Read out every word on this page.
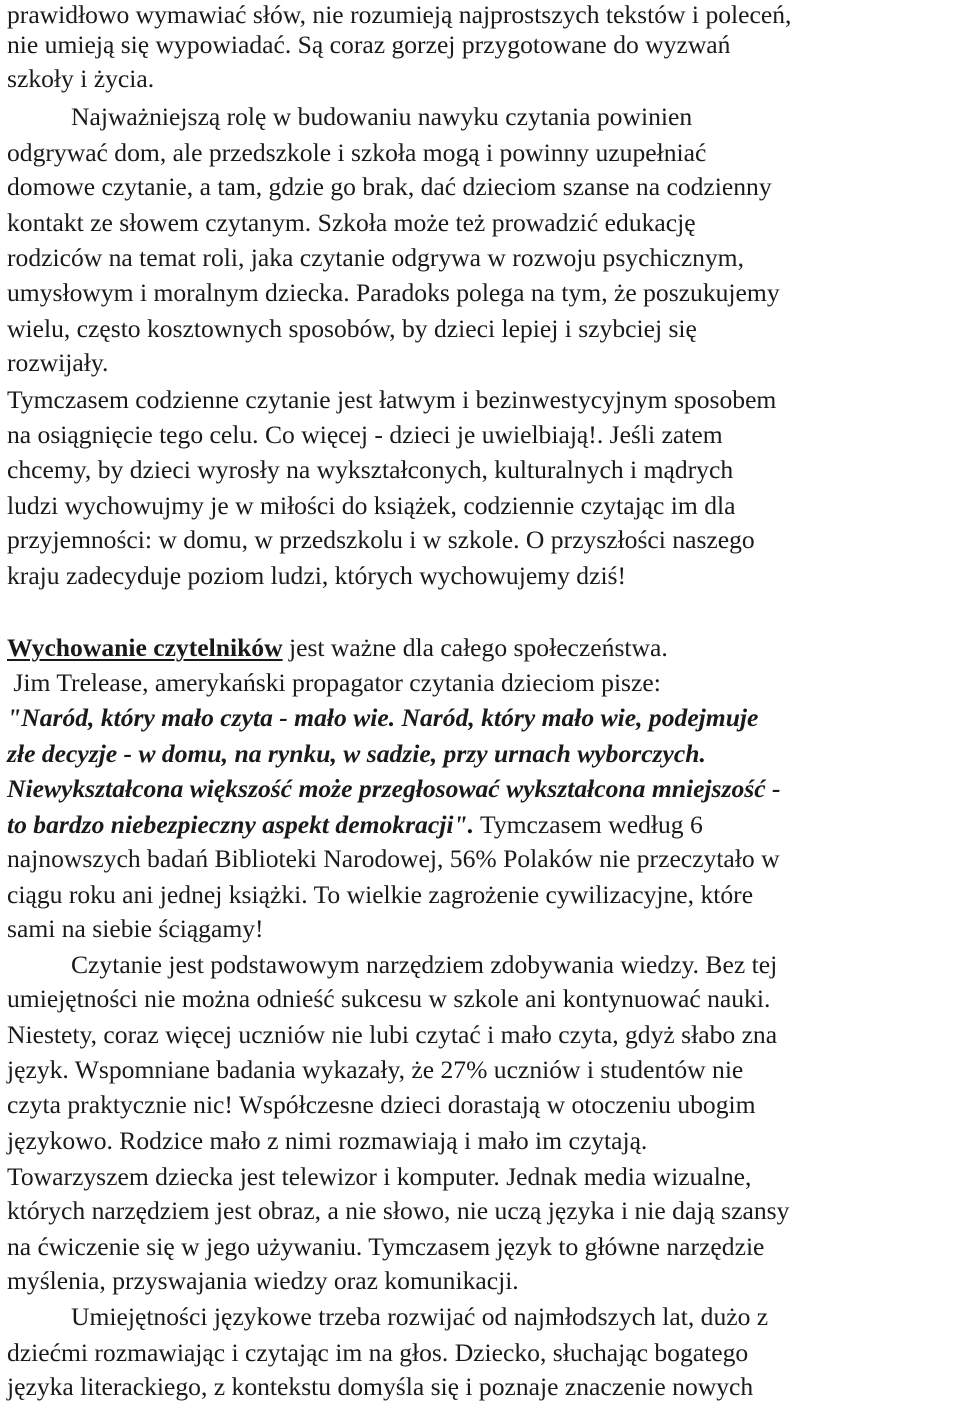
prawidłowo wymawiać słów, nie rozumieją najprostszych tekstów i poleceń,
nie umieją się wypowiadać. Są coraz gorzej przygotowane do wyzwań
szkoły i życia.
Najważniejszą rolę w budowaniu nawyku czytania powinien
odgrywać dom, ale przedszkole i szkoła mogą i powinny uzupełniać
domowe czytanie, a tam, gdzie go brak, dać dzieciom szanse na codzienny
kontakt ze słowem czytanym. Szkoła może też prowadzić edukację
rodziców na temat roli, jaka czytanie odgrywa w rozwoju psychicznym,
umysłowym i moralnym dziecka. Paradoks polega na tym, że poszukujemy
wielu, często kosztownych sposobów, by dzieci lepiej i szybciej się
rozwijały.
Tymczasem codzienne czytanie jest łatwym i bezinwestycyjnym sposobem
na osiągnięcie tego celu. Co więcej - dzieci je uwielbiają!. Jeśli zatem
chcemy, by dzieci wyrosły na wykształconych, kulturalnych i mądrych
ludzi wychowujmy je w miłości do książek, codziennie czytając im dla
przyjemności: w domu, w przedszkolu i w szkole. O przyszłości naszego
kraju zadecyduje poziom ludzi, których wychowujemy dziś!
Wychowanie czytelników jest ważne dla całego społeczeństwa.
Jim Trelease, amerykański propagator czytania dzieciom pisze:
"Naród, który mało czyta - mało wie. Naród, który mało wie, podejmuje
złe decyzje - w domu, na rynku, w sadzie, przy urnach wyborczych.
Niewykształcona większość może przegłosować wykształcona mniejszość -
to bardzo niebezpieczny aspekt demokracji". Tymczasem według 6
najnowszych badań Biblioteki Narodowej, 56% Polaków nie przeczytało w
ciągu roku ani jednej książki. To wielkie zagrożenie cywilizacyjne, które
sami na siebie ściągamy!
Czytanie jest podstawowym narzędziem zdobywania wiedzy. Bez tej
umiejętności nie można odnieść sukcesu w szkole ani kontynuować nauki.
Niestety, coraz więcej uczniów nie lubi czytać i mało czyta, gdyż słabo zna
język. Wspomniane badania wykazały, że 27% uczniów i studentów nie
czyta praktycznie nic! Współczesne dzieci dorastają w otoczeniu ubogim
językowo. Rodzice mało z nimi rozmawiają i mało im czytają.
Towarzyszem dziecka jest telewizor i komputer. Jednak media wizualne,
których narzędziem jest obraz, a nie słowo, nie uczą języka i nie dają szansy
na ćwiczenie się w jego używaniu. Tymczasem język to główne narzędzie
myślenia, przyswajania wiedzy oraz komunikacji.
Umiejętności językowe trzeba rozwijać od najmłodszych lat, dużo z
dziećmi rozmawiając i czytając im na głos. Dziecko, słuchając bogatego
języka literackiego, z kontekstu domyśla się i poznaje znaczenie nowych
